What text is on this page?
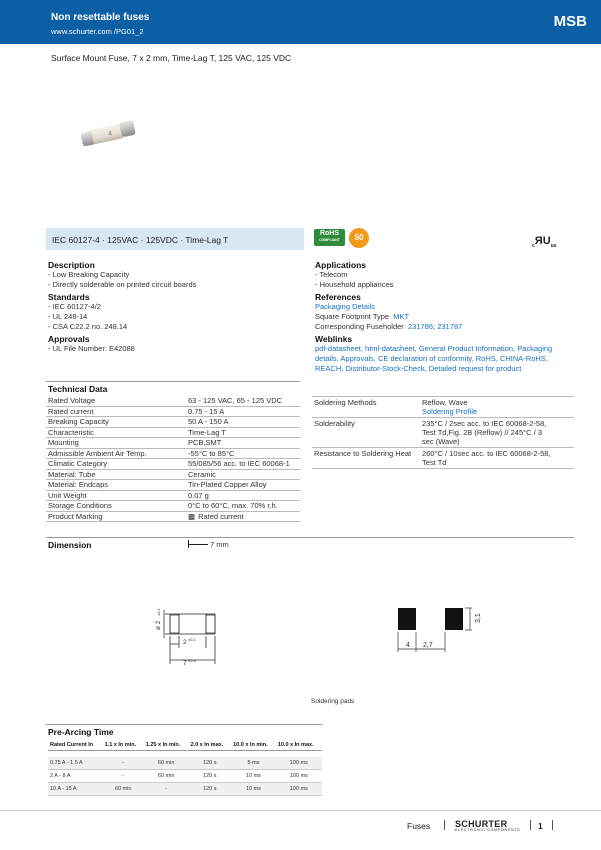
Non resettable fuses
www.schurter.com /PG01_2
MSB
Surface Mount Fuse, 7 x 2 mm, Time-Lag T, 125 VAC, 125 VDC
4
IEC 60127-4 · 125VAC · 125VDC · Time-Lag T
RoHS
COMPLIANT	50
$_cЯU_{us}$
Description
- Low Breaking Capacity
- Directly solderable on printed circuit boards
Standards
- IEC 60127-4/2
- UL 248-14
- CSA C22.2 no. 248.14
Approvals
- UL File Number: E42088
Applications
- Telecom
- Household appliances
References
Packaging Details
Square Footprint Type MKT
Corresponding Fuseholder 231786; 231787
Weblinks
pdf-datasheet, html-datasheet, General Product Information, Packaging
details, Approvals, CE declaration of conformity, RoHS, CHINA-RoHS,
REACH, Distributor-Stock-Check, Detailed request for product
Technical Data
Rated Voltage	63 - 125 VAC, 65 - 125 VDC
Rated current	0.75 - 15 A
Breaking Capacity	50 A - 150 A
Characteristic	Time-Lag T
Mounting	PCB,SMT
Admissible Ambient Air Temp.	-55°C to 85°C
Climatic Category	55/085/56 acc. to IEC 60068-1
Material: Tube	Ceramic
Material: Endcaps	Tin-Plated Copper Alloy
Unit Weight	0.07 g
Storage Conditions	0°C to 60°C, max. 70% r.h.
Product Marking	▩ Rated current
Soldering Methods	Reflow, Wave
Soldering Profile
Solderability	235°C / 2sec acc. to IEC 60068-2-58,
Test Td,Fig. 2B (Reflow) // 245°C / 3
sec (Wave)
Resistance to Soldering Heat	260°C / 10sec acc. to IEC 60068-2-58,
Test Td
Dimension	7 mm
ø 2
±0.1
2 ±0.2
7 ±0.3
4 2,7
3,1
Soldering pads
Pre-Arcing Time
Rated Current In	1.1 x In min.	1.25 x In min.	2.0 x In max.	10.0 x In min.	10.0 x In max.

0.75 A - 1.5 A	-	60 min	120 s	5 ms	100 ms
2 A - 8 A	-	60 min	120 s	10 ms	100 ms
10 A - 15 A	60 min	-	120 s	10 ms	100 ms
Fuses	SCHURTER
ELECTRONIC COMPONENTS 1
